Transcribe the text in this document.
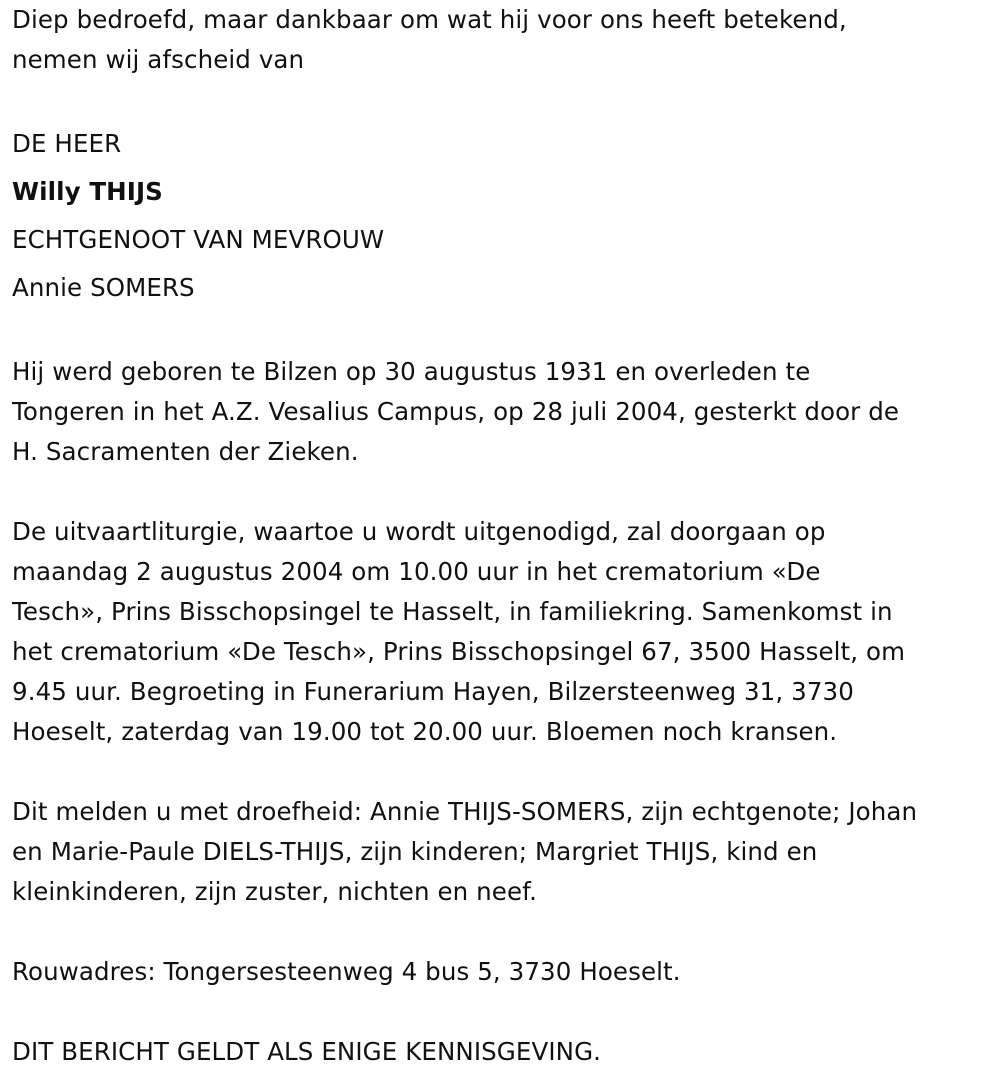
Diep bedroefd, maar dankbaar om wat hij voor ons heeft betekend,
nemen wij afscheid van
DE HEER
Willy THIJS
ECHTGENOOT VAN MEVROUW
Annie SOMERS
Hij werd geboren te Bilzen op 30 augustus 1931 en overleden te
Tongeren in het A.Z. Vesalius Campus, op 28 juli 2004, gesterkt door de
H. Sacramenten der Zieken.
De uitvaartliturgie, waartoe u wordt uitgenodigd, zal doorgaan op
maandag 2 augustus 2004 om 10.00 uur in het crematorium «De
Tesch», Prins Bisschopsingel te Hasselt, in familiekring. Samenkomst in
het crematorium «De Tesch», Prins Bisschopsingel 67, 3500 Hasselt, om
9.45 uur. Begroeting in Funerarium Hayen, Bilzersteenweg 31, 3730
Hoeselt, zaterdag van 19.00 tot 20.00 uur. Bloemen noch kransen.
Dit melden u met droefheid: Annie THIJS-SOMERS, zijn echtgenote; Johan
en Marie-Paule DIELS-THIJS, zijn kinderen; Margriet THIJS, kind en
kleinkinderen, zijn zuster, nichten en neef.
Rouwadres: Tongersesteenweg 4 bus 5, 3730 Hoeselt.
DIT BERICHT GELDT ALS ENIGE KENNISGEVING.
